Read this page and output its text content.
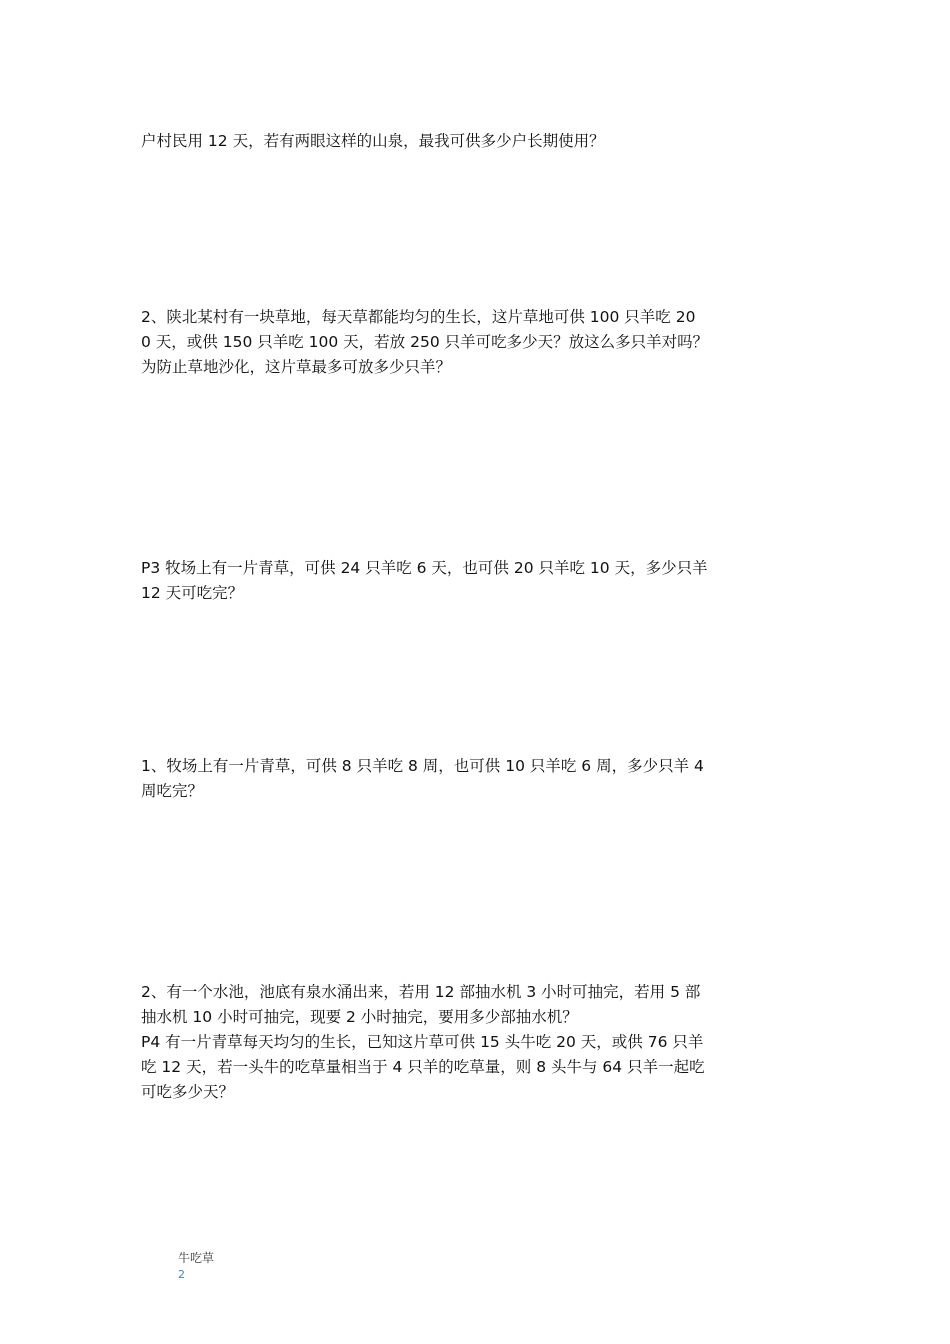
户村民用 12 天，若有两眼这样的山泉，最我可供多少户长期使用？

2、陕北某村有一块草地，每天草都能均匀的生长，这片草地可供 100 只羊吃 20
0 天，或供 150 只羊吃 100 天，若放 250 只羊可吃多少天？放这么多只羊对吗？
为防止草地沙化，这片草最多可放多少只羊？

P3 牧场上有一片青草，可供 24 只羊吃 6 天，也可供 20 只羊吃 10 天，多少只羊
12 天可吃完？

1、牧场上有一片青草，可供 8 只羊吃 8 周，也可供 10 只羊吃 6 周，多少只羊 4
周吃完？

2、有一个水池，池底有泉水涌出来，若用 12 部抽水机 3 小时可抽完，若用 5 部
抽水机 10 小时可抽完，现要 2 小时抽完，要用多少部抽水机？
P4 有一片青草每天均匀的生长，已知这片草可供 15 头牛吃 20 天，或供 76 只羊
吃 12 天，若一头牛的吃草量相当于 4 只羊的吃草量，则 8 头牛与 64 只羊一起吃
可吃多少天？

牛吃草
2
